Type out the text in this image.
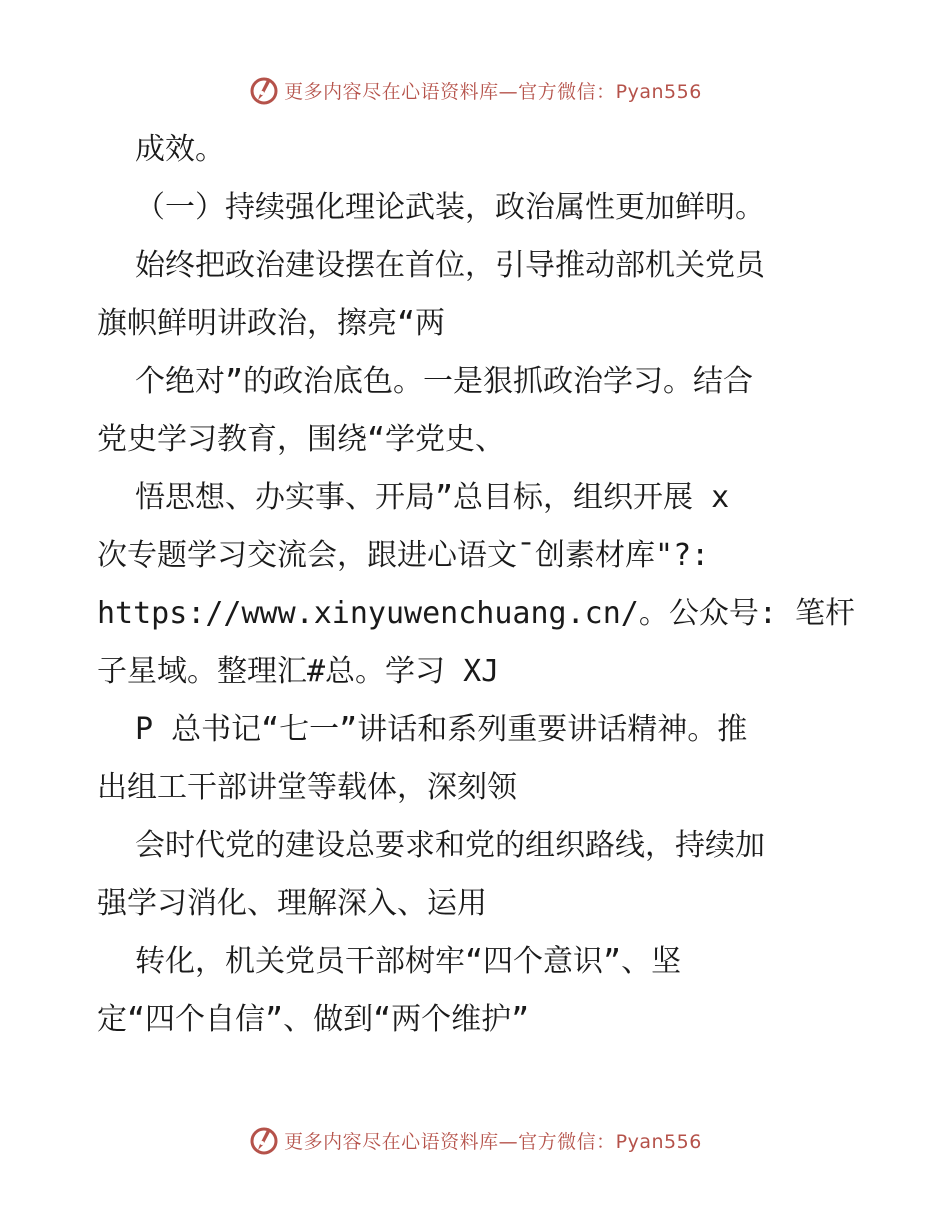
更多内容尽在心语资料库—官方微信：Pyan556
成效。
（一）持续强化理论武装，政治属性更加鲜明。
始终把政治建设摆在首位，引导推动部机关党员
旗帜鲜明讲政治，擦亮“两
个绝对”的政治底色。一是狠抓政治学习。结合
党史学习教育，围绕“学党史、
悟思想、办实事、开局”总目标，组织开展 x
次专题学习交流会，跟进心语文¯创素材库"?:
https://www.xinyuwenchuang.cn/。公众号: 笔杆
子星域。整理汇#总。学习 XJ
P 总书记“七一”讲话和系列重要讲话精神。推
出组工干部讲堂等载体，深刻领
会时代党的建设总要求和党的组织路线，持续加
强学习消化、理解深入、运用
转化，机关党员干部树牢“四个意识”、坚
定“四个自信”、做到“两个维护”
更多内容尽在心语资料库—官方微信：Pyan556
